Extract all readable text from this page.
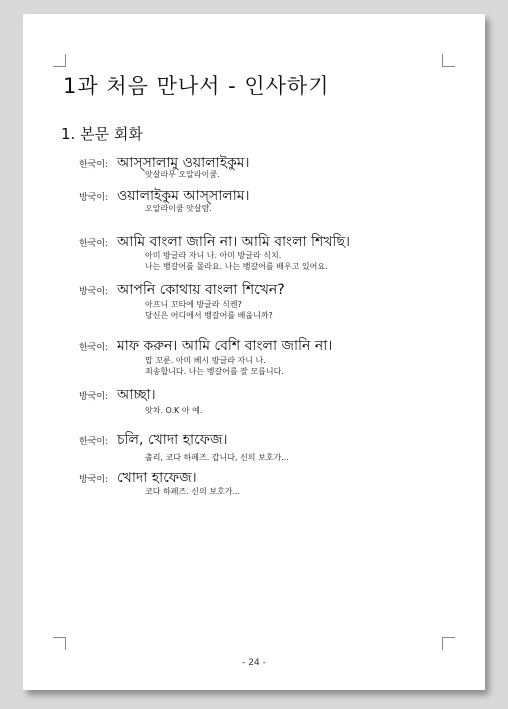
1과 처음 만나서 - 인사하기
1. 본문 회화
한국이: আস্সালামু ওয়ালাইকুম।
앗살라무 오알라이쿰.
방국이: ওয়ালাইকুম আস্সালাম।
오알라이쿰 앗살람.
한국이: আমি বাংলা জানি না। আমি বাংলা শিখছি।
아미 방글라 자니 나. 아미 방글라 식치.
나는 뱅갈어를 몰라요. 나는 뱅갈어를 배우고 있어요.
방국이: আপনি কোথায় বাংলা শিখেন?
아프니 꼬타에 방글라 식켄?
당신은 어디에서 뱅갈어를 배웁니까?
한국이: মাফ করুন। আমি বেশি বাংলা জানি না।
맙 꼬룬. 아미 베시 방글라 자니 나.
죄송합니다. 나는 뱅갈어를 잘 모릅니다.
방국이: আচ্ছা।
앗차. O.K 아 예.
한국이: চলি, খোদা হাফেজ।
촐리, 코다 하페즈. 갑니다, 신의 보호가...
방국이: খোদা হাফেজ।
코다 하페즈. 신의 보호가...
- 24 -
